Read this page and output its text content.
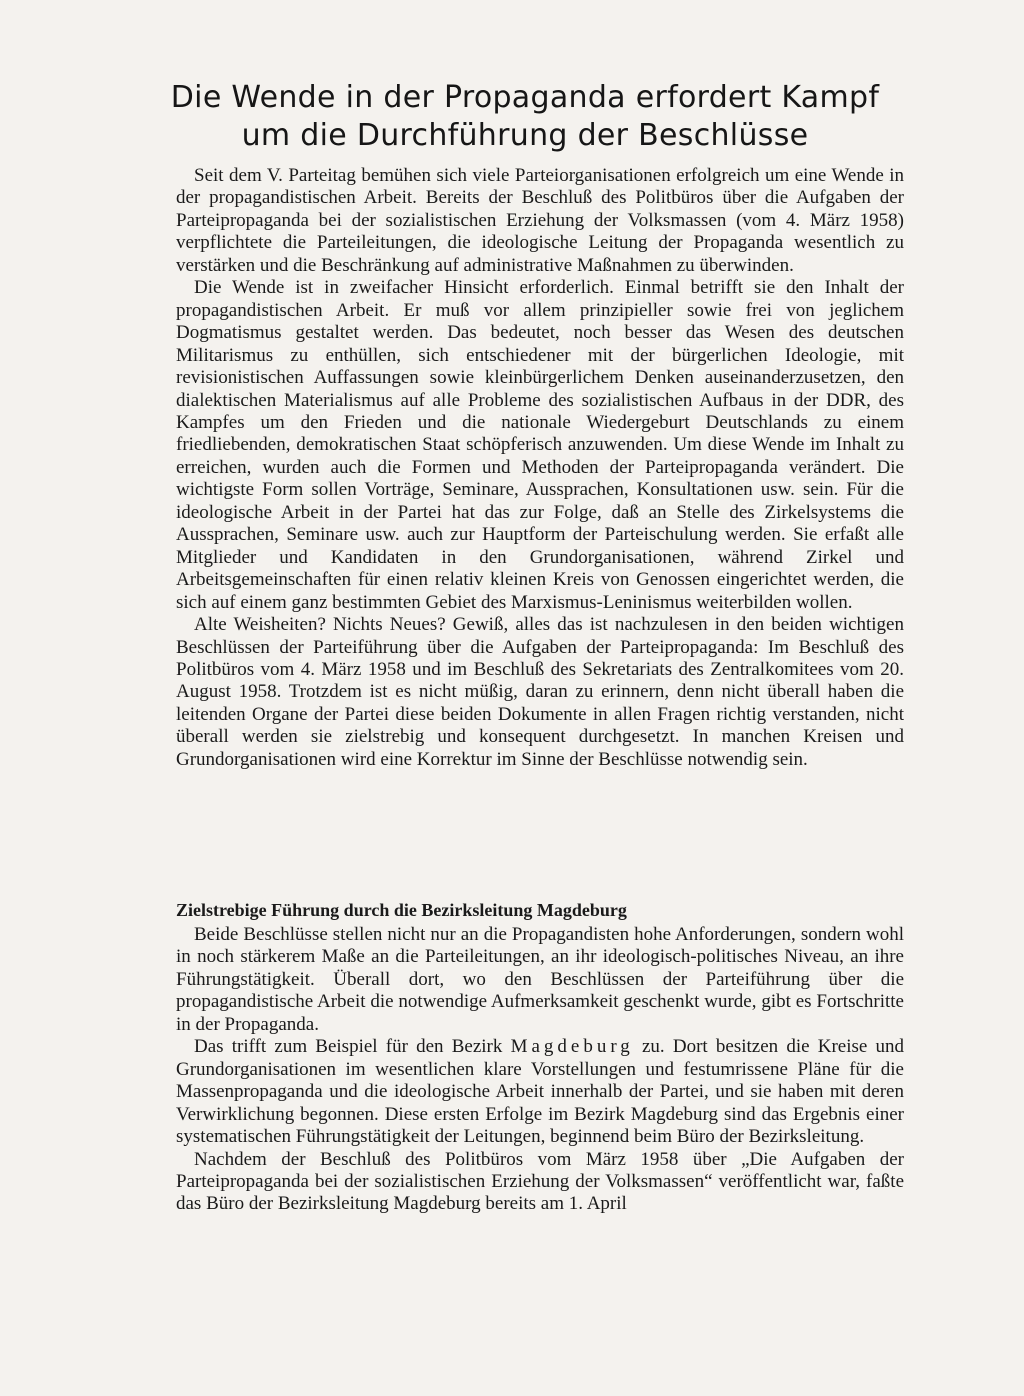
Die Wende in der Propaganda erfordert Kampf
um die Durchführung der Beschlüsse

Seit dem V. Parteitag bemühen sich viele Parteiorganisationen erfolgreich um eine Wende in der propagandistischen Arbeit. Bereits der Beschluß des Politbüros über die Aufgaben der Parteipropaganda bei der sozialistischen Erziehung der Volksmassen (vom 4. März 1958) verpflichtete die Parteileitungen, die ideologische Leitung der Propaganda wesentlich zu verstärken und die Beschränkung auf administrative Maßnahmen zu überwinden.

Die Wende ist in zweifacher Hinsicht erforderlich. Einmal betrifft sie den Inhalt der propagandistischen Arbeit. Er muß vor allem prinzipieller sowie frei von jeglichem Dogmatismus gestaltet werden. Das bedeutet, noch besser das Wesen des deutschen Militarismus zu enthüllen, sich entschiedener mit der bürgerlichen Ideologie, mit revisionistischen Auffassungen sowie kleinbürgerlichem Denken auseinanderzusetzen, den dialektischen Materialismus auf alle Probleme des sozialistischen Aufbaus in der DDR, des Kampfes um den Frieden und die nationale Wiedergeburt Deutschlands zu einem friedliebenden, demokratischen Staat schöpferisch anzuwenden. Um diese Wende im Inhalt zu erreichen, wurden auch die Formen und Methoden der Parteipropaganda verändert. Die wichtigste Form sollen Vorträge, Seminare, Aussprachen, Konsultationen usw. sein. Für die ideologische Arbeit in der Partei hat das zur Folge, daß an Stelle des Zirkelsystems die Aussprachen, Seminare usw. auch zur Hauptform der Parteischulung werden. Sie erfaßt alle Mitglieder und Kandidaten in den Grundorganisationen, während Zirkel und Arbeitsgemeinschaften für einen relativ kleinen Kreis von Genossen eingerichtet werden, die sich auf einem ganz bestimmten Gebiet des Marxismus-Leninismus weiterbilden wollen.

Alte Weisheiten? Nichts Neues? Gewiß, alles das ist nachzulesen in den beiden wichtigen Beschlüssen der Parteiführung über die Aufgaben der Parteipropaganda: Im Beschluß des Politbüros vom 4. März 1958 und im Beschluß des Sekretariats des Zentralkomitees vom 20. August 1958. Trotzdem ist es nicht müßig, daran zu erinnern, denn nicht überall haben die leitenden Organe der Partei diese beiden Dokumente in allen Fragen richtig verstanden, nicht überall werden sie zielstrebig und konsequent durchgesetzt. In manchen Kreisen und Grundorganisationen wird eine Korrektur im Sinne der Beschlüsse notwendig sein.

Zielstrebige Führung durch die Bezirksleitung Magdeburg

Beide Beschlüsse stellen nicht nur an die Propagandisten hohe Anforderungen, sondern wohl in noch stärkerem Maße an die Parteileitungen, an ihr ideologisch-politisches Niveau, an ihre Führungstätigkeit. Überall dort, wo den Beschlüssen der Parteiführung über die propagandistische Arbeit die notwendige Aufmerksamkeit geschenkt wurde, gibt es Fortschritte in der Propaganda.

Das trifft zum Beispiel für den Bezirk Magdeburg zu. Dort besitzen die Kreise und Grundorganisationen im wesentlichen klare Vorstellungen und festumrissene Pläne für die Massenpropaganda und die ideologische Arbeit innerhalb der Partei, und sie haben mit deren Verwirklichung begonnen. Diese ersten Erfolge im Bezirk Magdeburg sind das Ergebnis einer systematischen Führungstätigkeit der Leitungen, beginnend beim Büro der Bezirksleitung.

Nachdem der Beschluß des Politbüros vom März 1958 über „Die Aufgaben der Parteipropaganda bei der sozialistischen Erziehung der Volksmassen“ veröffentlicht war, faßte das Büro der Bezirksleitung Magdeburg bereits am 1. April
